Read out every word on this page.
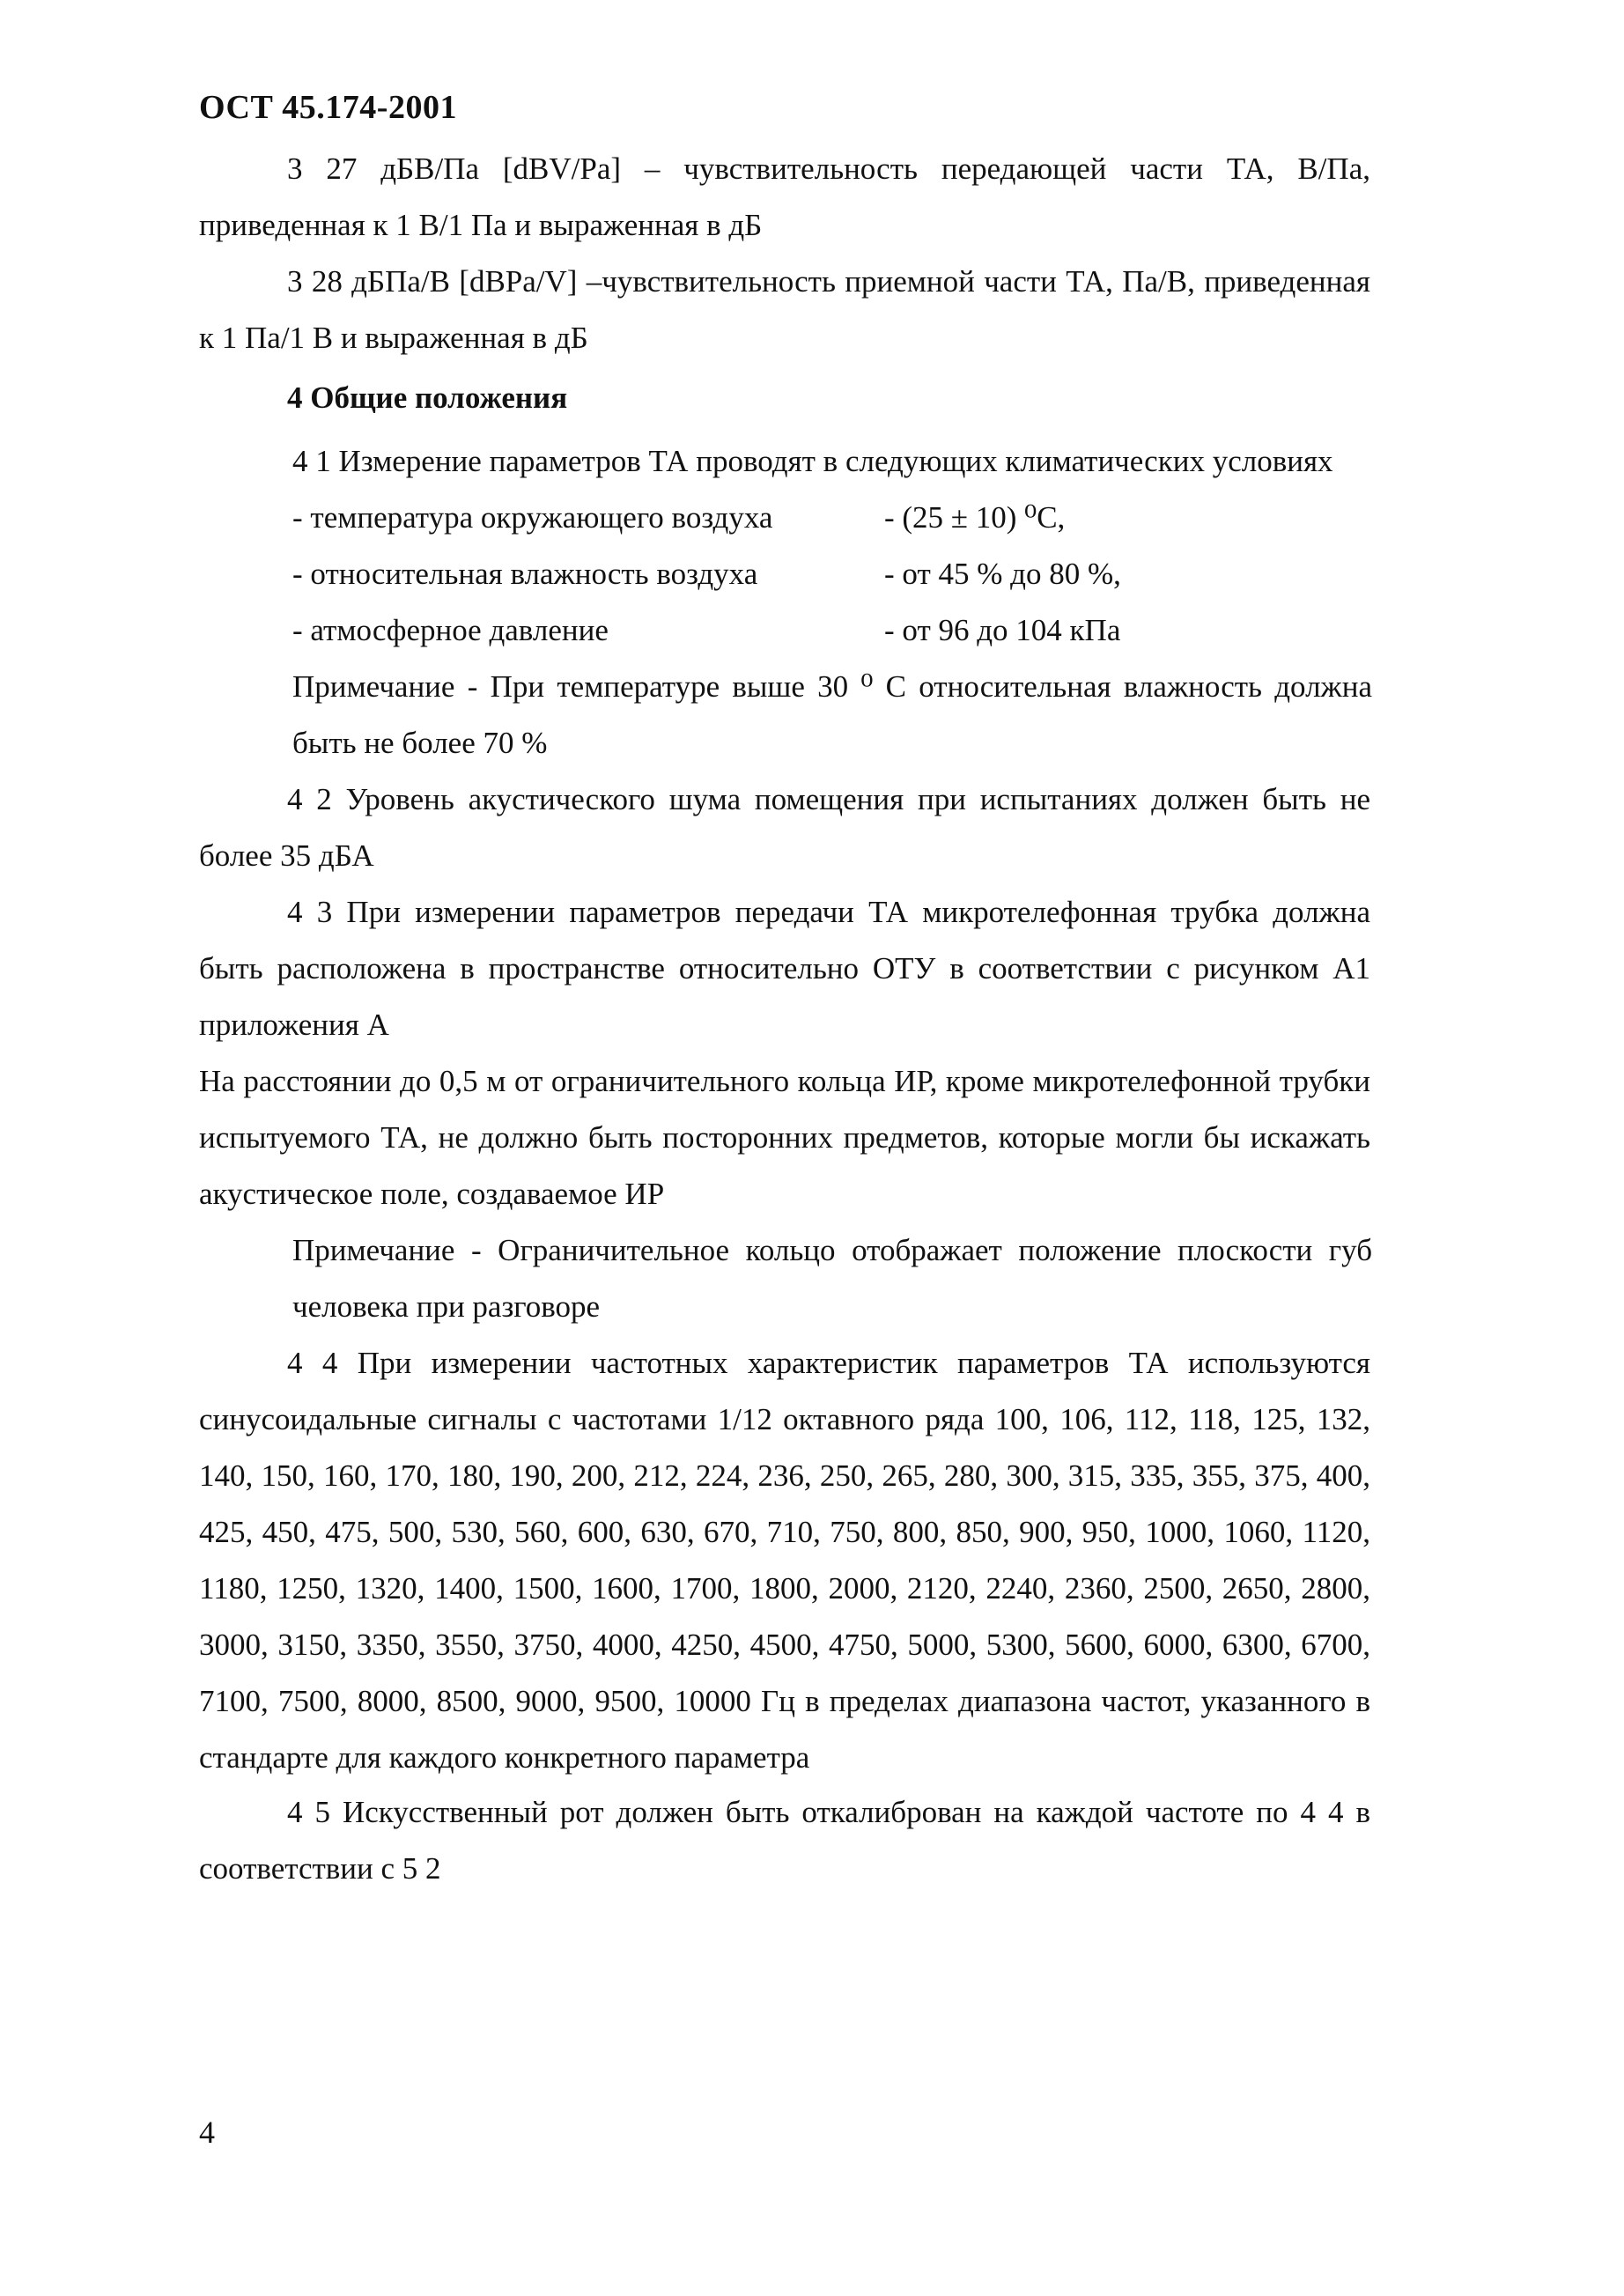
ОСТ 45.174-2001

3 27 дБВ/Па [dBV/Pa] – чувствительность передающей части ТА, В/Па, приведенная к 1 В/1 Па и выраженная в дБ

3 28 дБПа/В [dBPa/V] –чувствительность приемной части ТА, Па/В, приведенная к 1 Па/1 В и выраженная в дБ

4 Общие положения

4 1 Измерение параметров ТА проводят в следующих климатических условиях

- температура окружающего воздуха	- (25 ± 10) ⁰C,
- относительная влажность воздуха	- от 45 % до 80 %,
- атмосферное давление	- от 96 до 104 кПа

Примечание - При температуре выше 30 ⁰ С относительная влажность должна быть не более 70 %

4 2 Уровень акустического шума помещения при испытаниях должен быть не более 35 дБА

4 3 При измерении параметров передачи ТА микротелефонная трубка должна быть расположена в пространстве относительно ОТУ в соответствии с рисунком А1 приложения А

На расстоянии до 0,5 м от ограничительного кольца ИР, кроме микротелефонной трубки испытуемого ТА, не должно быть посторонних предметов, которые могли бы искажать акустическое поле, создаваемое ИР

Примечание - Ограничительное кольцо отображает положение плоскости губ человека при разговоре

4 4 При измерении частотных характеристик параметров ТА используются синусоидальные сигналы с частотами 1/12 октавного ряда 100, 106, 112, 118, 125, 132, 140, 150, 160, 170, 180, 190, 200, 212, 224, 236, 250, 265, 280, 300, 315, 335, 355, 375, 400, 425, 450, 475, 500, 530, 560, 600, 630, 670, 710, 750, 800, 850, 900, 950, 1000, 1060, 1120, 1180, 1250, 1320, 1400, 1500, 1600, 1700, 1800, 2000, 2120, 2240, 2360, 2500, 2650, 2800, 3000, 3150, 3350, 3550, 3750, 4000, 4250, 4500, 4750, 5000, 5300, 5600, 6000, 6300, 6700, 7100, 7500, 8000, 8500, 9000, 9500, 10000 Гц в пределах диапазона частот, указанного в стандарте для каждого конкретного параметра

4 5 Искусственный рот должен быть откалиброван на каждой частоте по 4 4 в соответствии с 5 2

4
